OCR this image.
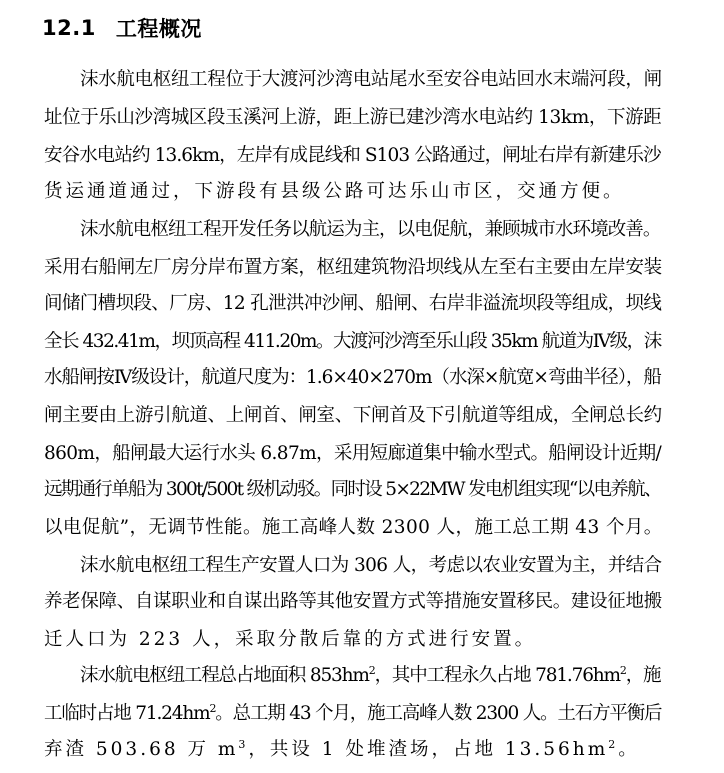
12.1 工程概况
沫水航电枢纽工程位于大渡河沙湾电站尾水至安谷电站回水末端河段，闸
址位于乐山沙湾城区段玉溪河上游，距上游已建沙湾水电站约 13km，下游距
安谷水电站约 13.6km，左岸有成昆线和 S103 公路通过，闸址右岸有新建乐沙
货运通道通过，下游段有县级公路可达乐山市区，交通方便。
沫水航电枢纽工程开发任务以航运为主，以电促航，兼顾城市水环境改善。
采用右船闸左厂房分岸布置方案，枢纽建筑物沿坝线从左至右主要由左岸安装
间储门槽坝段、厂房、12 孔泄洪冲沙闸、船闸、右岸非溢流坝段等组成，坝线
全长 432.41m，坝顶高程 411.20m。大渡河沙湾至乐山段 35km 航道为Ⅳ级，沫
水船闸按Ⅳ级设计，航道尺度为：1.6×40×270m（水深×航宽×弯曲半径），船
闸主要由上游引航道、上闸首、闸室、下闸首及下引航道等组成，全闸总长约
860m，船闸最大运行水头 6.87m，采用短廊道集中输水型式。船闸设计近期/
远期通行单船为 300t/500t 级机动驳。同时设 5×22MW 发电机组实现“以电养航、
以电促航”，无调节性能。施工高峰人数 2300 人，施工总工期 43 个月。
沫水航电枢纽工程生产安置人口为 306 人，考虑以农业安置为主，并结合
养老保障、自谋职业和自谋出路等其他安置方式等措施安置移民。建设征地搬
迁人口为 223 人，采取分散后靠的方式进行安置。
沫水航电枢纽工程总占地面积 $853hm^2$，其中工程永久占地 $781.76hm^2$，施
工临时占地 $71.24hm^2$。总工期 43 个月，施工高峰人数 2300 人。土石方平衡后
弃渣 503.68 万 $m^3$，共设 1 处堆渣场，占地 $13.56hm^2$。
